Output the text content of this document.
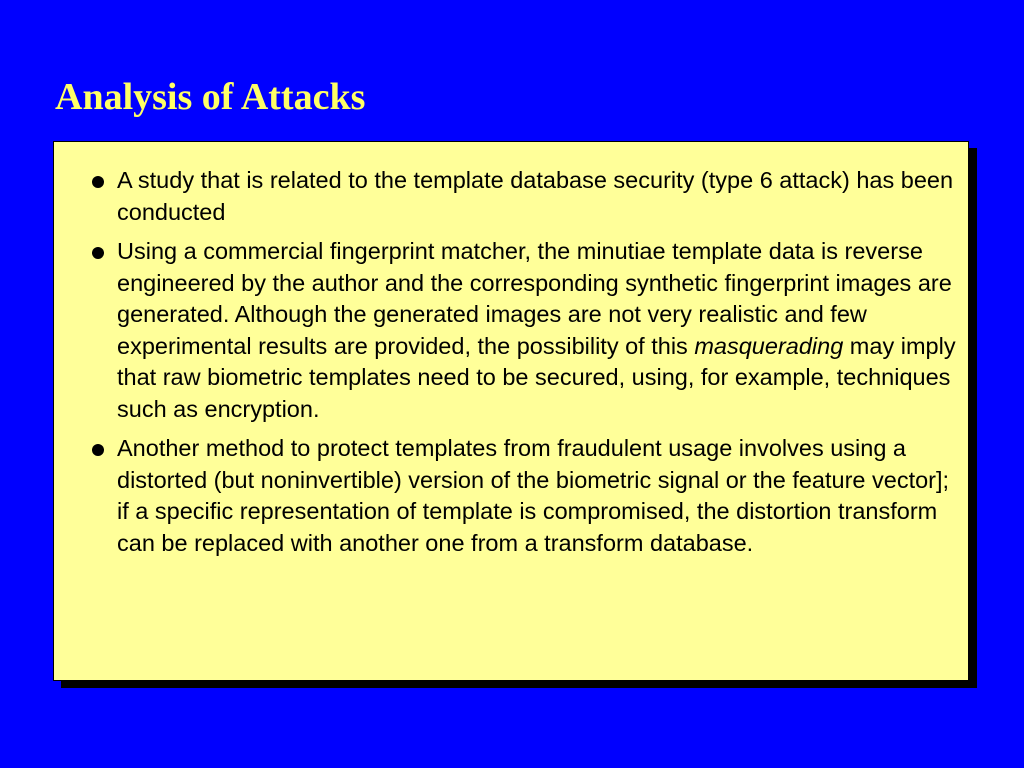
Analysis of Attacks
A study that is related to the template database security (type 6 attack) has been conducted
Using a commercial fingerprint matcher, the minutiae template data is reverse engineered by the author and the corresponding synthetic fingerprint images are generated. Although the generated images are not very realistic and few experimental results are provided, the possibility of this masquerading may imply that raw biometric templates need to be secured, using, for example, techniques such as encryption.
Another method to protect templates from fraudulent usage involves using a distorted (but noninvertible) version of the biometric signal or the feature vector]; if a specific representation of template is compromised, the distortion transform can be replaced with another one from a transform database.
